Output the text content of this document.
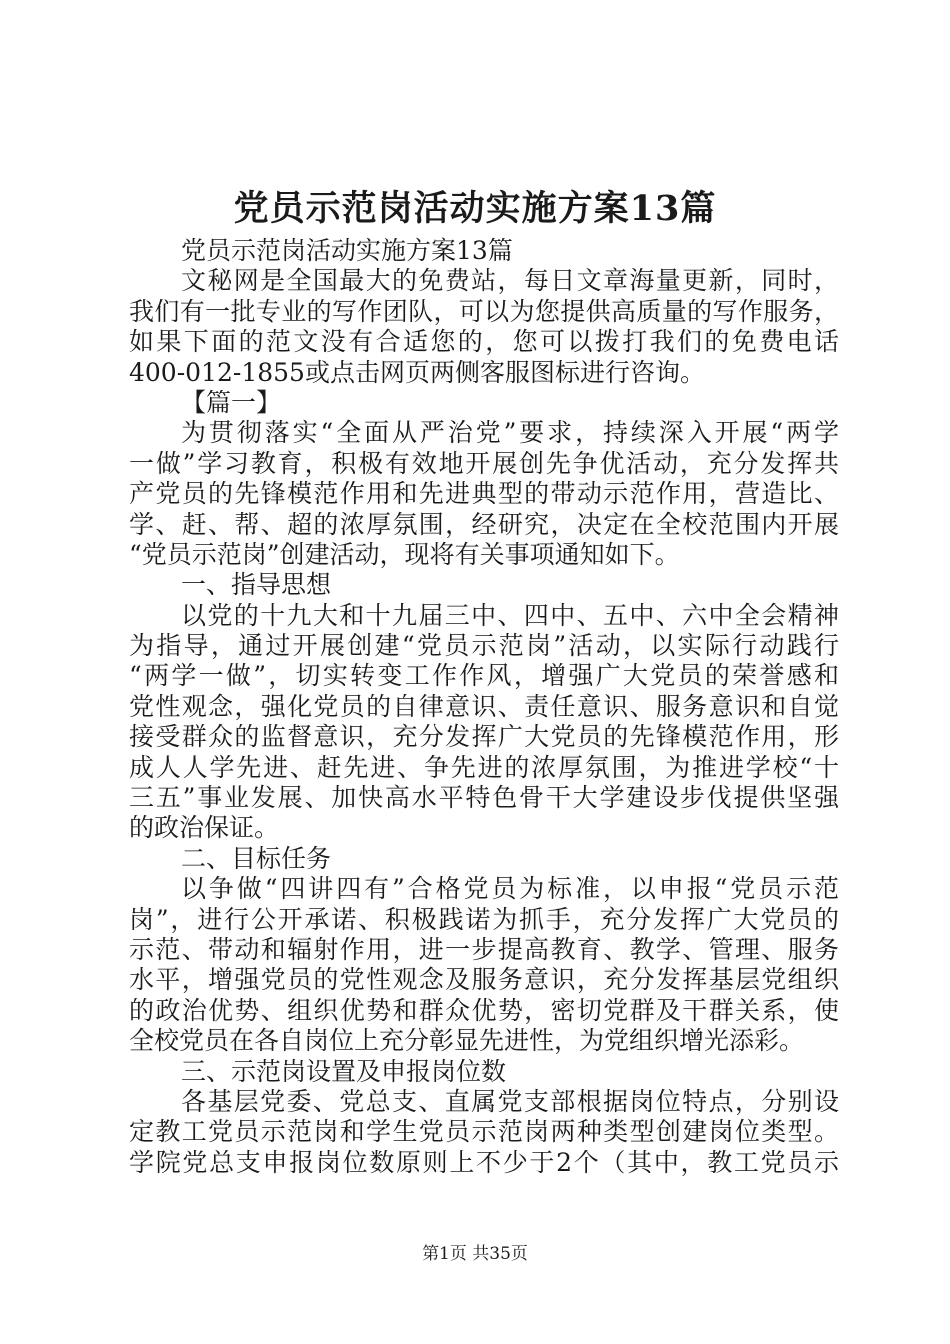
党员示范岗活动实施方案13篇
党员示范岗活动实施方案13篇
文秘网是全国最大的免费站，每日文章海量更新，同时，
我们有一批专业的写作团队，可以为您提供高质量的写作服务，
如果下面的范文没有合适您的，您可以拨打我们的免费电话
400-012-1855或点击网页两侧客服图标进行咨询。
【篇一】
为贯彻落实“全面从严治党”要求，持续深入开展“两学
一做”学习教育，积极有效地开展创先争优活动，充分发挥共
产党员的先锋模范作用和先进典型的带动示范作用，营造比、
学、赶、帮、超的浓厚氛围，经研究，决定在全校范围内开展
“党员示范岗”创建活动，现将有关事项通知如下。
一、指导思想
以党的十九大和十九届三中、四中、五中、六中全会精神
为指导，通过开展创建“党员示范岗”活动，以实际行动践行
“两学一做”，切实转变工作作风，增强广大党员的荣誉感和
党性观念，强化党员的自律意识、责任意识、服务意识和自觉
接受群众的监督意识，充分发挥广大党员的先锋模范作用，形
成人人学先进、赶先进、争先进的浓厚氛围，为推进学校“十
三五”事业发展、加快高水平特色骨干大学建设步伐提供坚强
的政治保证。
二、目标任务
以争做“四讲四有”合格党员为标准，以申报“党员示范
岗”，进行公开承诺、积极践诺为抓手，充分发挥广大党员的
示范、带动和辐射作用，进一步提高教育、教学、管理、服务
水平，增强党员的党性观念及服务意识，充分发挥基层党组织
的政治优势、组织优势和群众优势，密切党群及干群关系，使
全校党员在各自岗位上充分彰显先进性，为党组织增光添彩。
三、示范岗设置及申报岗位数
各基层党委、党总支、直属党支部根据岗位特点，分别设
定教工党员示范岗和学生党员示范岗两种类型创建岗位类型。
学院党总支申报岗位数原则上不少于2个（其中，教工党员示
第1页 共35页
